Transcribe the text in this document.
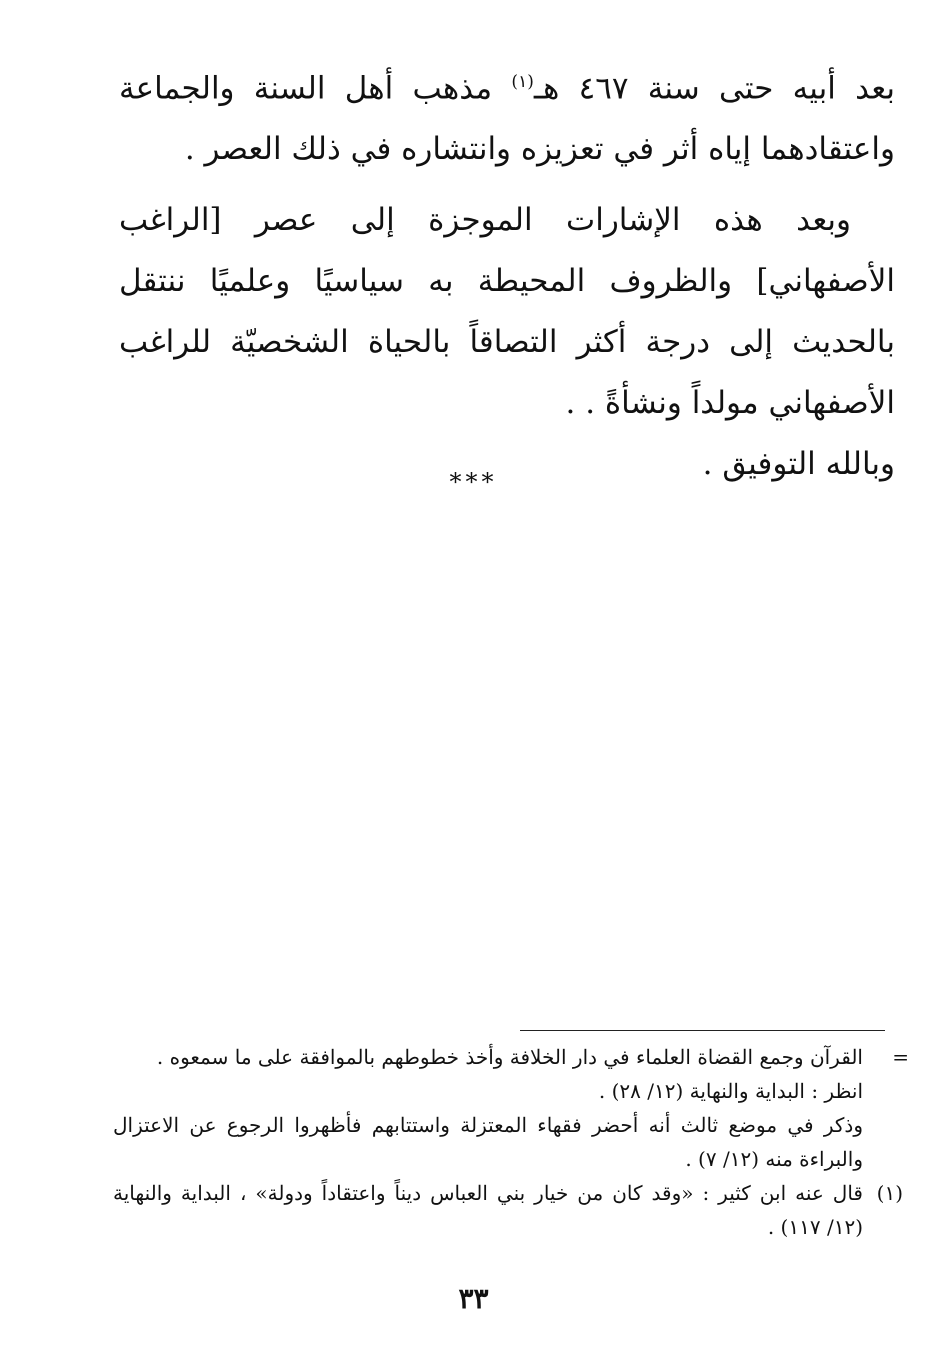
بعد أبيه حتى سنة ٤٦٧ هـ$^{(١)}$ مذهب أهل السنة والجماعة واعتقادهما إياه أثر في تعزيزه وانتشاره في ذلك العصر .

وبعد هذه الإشارات الموجزة إلى عصر [الراغب الأصفهاني] والظروف المحيطة به سياسيًا وعلميًا ننتقل بالحديث إلى درجة أكثر التصاقاً بالحياة الشخصيّة للراغب الأصفهاني مولداً ونشأةً . .

وبالله التوفيق .

***
=

القرآن وجمع القضاة العلماء في دار الخلافة وأخذ خطوطهم بالموافقة على ما سمعوه .

انظر : البداية والنهاية (١٢/ ٢٨) .

وذكر في موضع ثالث أنه أحضر فقهاء المعتزلة واستتابهم فأظهروا الرجوع عن الاعتزال والبراءة منه (١٢/ ٧) .

(١)

قال عنه ابن كثير : «وقد كان من خيار بني العباس ديناً واعتقاداً ودولة» ، البداية والنهاية (١٢/ ١١٧) .

٣٣
